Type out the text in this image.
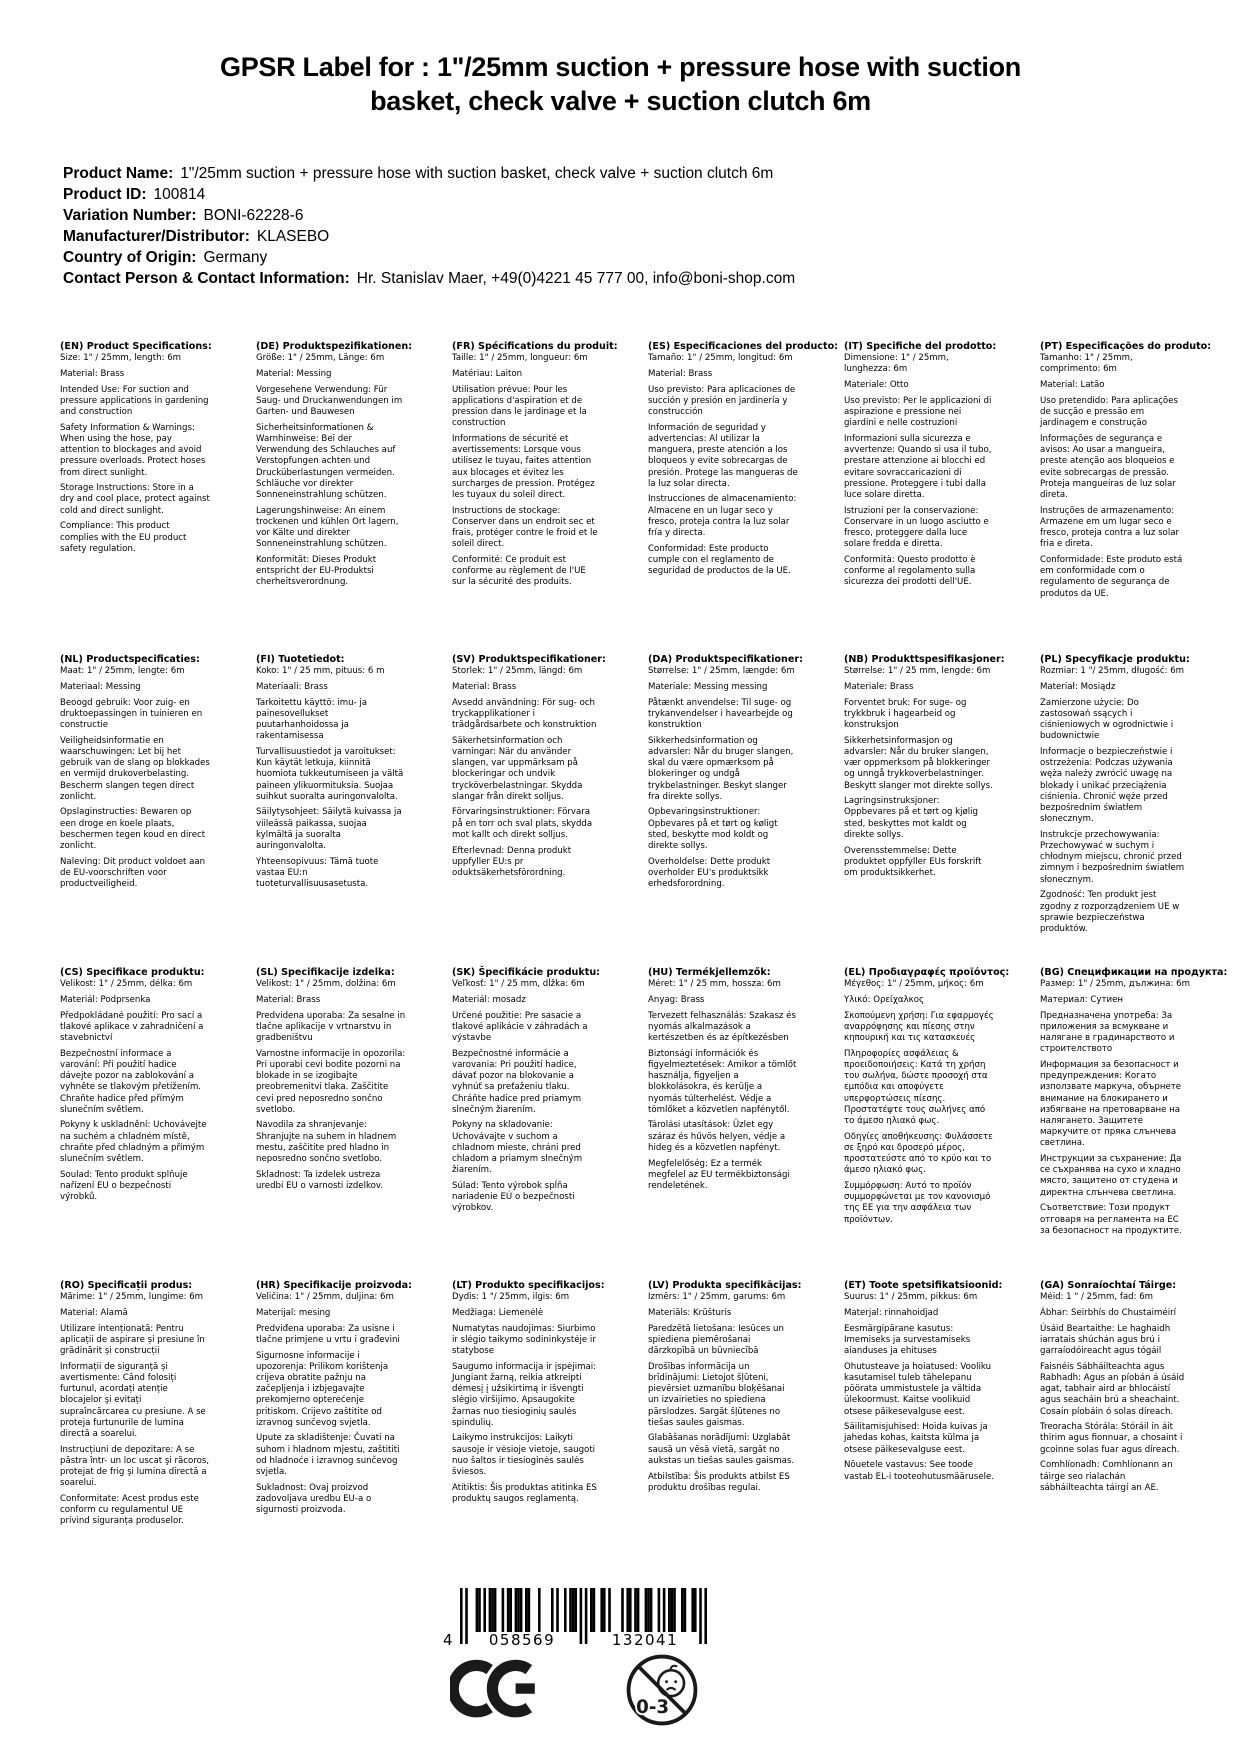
GPSR Label for : 1"/25mm suction + pressure hose with suction
basket, check valve + suction clutch 6m
Product Name: 1"/25mm suction + pressure hose with suction basket, check valve + suction clutch 6m
Product ID: 100814
Variation Number: BONI-62228-6
Manufacturer/Distributor: KLASEBO
Country of Origin: Germany
Contact Person & Contact Information: Hr. Stanislav Maer, +49(0)4221 45 777 00, info@boni-shop.com
(EN) Product Specifications:

Size: 1" / 25mm, length: 6m

Material: Brass

Intended Use: For suction and pressure applications in gardening and construction

Safety Information & Warnings: When using the hose, pay attention to blockages and avoid pressure overloads. Protect hoses from direct sunlight.

Storage Instructions: Store in a dry and cool place, protect against cold and direct sunlight.

Compliance: This product complies with the EU product safety regulation.

(DE) Produktspezifikationen:

Größe: 1" / 25mm, Länge: 6m

Material: Messing

Vorgesehene Verwendung: Für Saug- und Druckanwendungen im Garten- und Bauwesen

Sicherheitsinformationen & Warnhinweise: Bei der Verwendung des Schlauches auf Verstopfungen achten und Drucküberlastungen vermeiden. Schläuche vor direkter Sonneneinstrahlung schützen.

Lagerungshinweise: An einem trockenen und kühlen Ort lagern, vor Kälte und direkter Sonneneinstrahlung schützen.

Konformität: Dieses Produkt entspricht der EU-Produktsi cherheitsverordnung.

(FR) Spécifications du produit:

Taille: 1" / 25mm, longueur: 6m

Matériau: Laiton

Utilisation prévue: Pour les applications d'aspiration et de pression dans le jardinage et la construction

Informations de sécurité et avertissements: Lorsque vous utilisez le tuyau, faites attention aux blocages et évitez les surcharges de pression. Protégez les tuyaux du soleil direct.

Instructions de stockage: Conserver dans un endroit sec et frais, protéger contre le froid et le soleil direct.

Conformité: Ce produit est conforme au règlement de l'UE sur la sécurité des produits.

(ES) Especificaciones del producto:

Tamaño: 1" / 25mm, longitud: 6m

Material: Brass

Uso previsto: Para aplicaciones de succión y presión en jardinería y construcción

Información de seguridad y advertencias: Al utilizar la manguera, preste atención a los bloqueos y evite sobrecargas de presión. Protege las mangueras de la luz solar directa.

Instrucciones de almacenamiento: Almacene en un lugar seco y fresco, proteja contra la luz solar fría y directa.

Conformidad: Este producto cumple con el reglamento de seguridad de productos de la UE.

(IT) Specifiche del prodotto:

Dimensione: 1" / 25mm, lunghezza: 6m

Materiale: Otto

Uso previsto: Per le applicazioni di aspirazione e pressione nei giardini e nelle costruzioni

Informazioni sulla sicurezza e avvertenze: Quando si usa il tubo, prestare attenzione ai blocchi ed evitare sovraccaricazioni di pressione. Proteggere i tubi dalla luce solare diretta.

Istruzioni per la conservazione: Conservare in un luogo asciutto e fresco, proteggere dalla luce solare fredda e diretta.

Conformità: Questo prodotto è conforme al regolamento sulla sicurezza dei prodotti dell'UE.

(PT) Especificações do produto:

Tamanho: 1" / 25mm, comprimento: 6m

Material: Latão

Uso pretendido: Para aplicações de sucção e pressão em jardinagem e construção

Informações de segurança e avisos: Ao usar a mangueira, preste atenção aos bloqueios e evite sobrecargas de pressão. Proteja mangueiras de luz solar direta.

Instruções de armazenamento: Armazene em um lugar seco e fresco, proteja contra a luz solar fria e direta.

Conformidade: Este produto está em conformidade com o regulamento de segurança de produtos da UE.

(NL) Productspecificaties:

Maat: 1" / 25mm, lengte: 6m

Materiaal: Messing

Beoogd gebruik: Voor zuig- en druktoepassingen in tuinieren en constructie

Veiligheidsinformatie en waarschuwingen: Let bij het gebruik van de slang op blokkades en vermijd drukoverbelasting. Bescherm slangen tegen direct zonlicht.

Opslaginstructies: Bewaren op een droge en koele plaats, beschermen tegen koud en direct zonlicht.

Naleving: Dit product voldoet aan de EU-voorschriften voor productveiligheid.

(FI) Tuotetiedot:

Koko: 1" / 25 mm, pituus: 6 m

Materiaali: Brass

Tarkoitettu käyttö: imu- ja painesovellukset puutarhanhoidossa ja rakentamisessa

Turvallisuustiedot ja varoitukset: Kun käytät letkuja, kiinnitä huomiota tukkeutumiseen ja vältä paineen ylikuormituksia. Suojaa suihkut suoralta auringonvalolta.

Säilytysohjeet: Säilytä kuivassa ja viileässä paikassa, suojaa kylmältä ja suoralta auringonvalolta.

Yhteensopivuus: Tämä tuote vastaa EU:n tuoteturvallisuusasetusta.

(SV) Produktspecifikationer:

Storlek: 1" / 25mm, längd: 6m

Material: Brass

Avsedd användning: För sug- och tryckapplikationer i trädgårdsarbete och konstruktion

Säkerhetsinformation och varningar: När du använder slangen, var uppmärksam på blockeringar och undvik trycköverbelastningar. Skydda slangar från direkt solljus.

Förvaringsinstruktioner: Förvara på en torr och sval plats, skydda mot kallt och direkt solljus.

Efterlevnad: Denna produkt uppfyller EU:s pr oduktsäkerhetsförordning.

(DA) Produktspecifikationer:

Størrelse: 1" / 25mm, længde: 6m

Materiale: Messing messing

Påtænkt anvendelse: Til suge- og trykanvendelser i havearbejde og konstruktion

Sikkerhedsinformation og advarsler: Når du bruger slangen, skal du være opmærksom på blokeringer og undgå trykbelastninger. Beskyt slanger fra direkte sollys.

Opbevaringsinstruktioner: Opbevares på et tørt og køligt sted, beskytte mod koldt og direkte sollys.

Overholdelse: Dette produkt overholder EU's produktsikk erhedsforordning.

(NB) Produkttspesifikasjoner:

Størrelse: 1" / 25 mm, lengde: 6m

Materiale: Brass

Forventet bruk: For suge- og trykkbruk i hagearbeid og konstruksjon

Sikkerhetsinformasjon og advarsler: Når du bruker slangen, vær oppmerksom på blokkeringer og unngå trykkoverbelastninger. Beskytt slanger mot direkte sollys.

Lagringsinstruksjoner: Oppbevares på et tørt og kjølig sted, beskyttes mot kaldt og direkte sollys.

Overensstemmelse: Dette produktet oppfyller EUs forskrift om produktsikkerhet.

(PL) Specyfikacje produktu:

Rozmiar: 1 "/ 25mm, długość: 6m

Materiał: Mosiądz

Zamierzone użycie: Do zastosowań ssących i ciśnieniowych w ogrodnictwie i budownictwie

Informacje o bezpieczeństwie i ostrzeżenia: Podczas używania węża należy zwrócić uwagę na blokady i unikać przeciążenia ciśnienia. Chronić węże przed bezpośrednim światłem słonecznym.

Instrukcje przechowywania: Przechowywać w suchym i chłodnym miejscu, chronić przed zimnym i bezpośrednim światłem słonecznym.

Zgodność: Ten produkt jest zgodny z rozporządzeniem UE w sprawie bezpieczeństwa produktów.

(CS) Specifikace produktu:

Velikost: 1" / 25mm, délka: 6m

Materiál: Podprsenka

Předpokládané použití: Pro sací a tlakové aplikace v zahradničení a stavebnictví

Bezpečnostní informace a varování: Při použití hadice dávejte pozor na zablokování a vyhněte se tlakovým přetížením. Chraňte hadice před přímým slunečním světlem.

Pokyny k uskladnění: Uchovávejte na suchém a chladném místě, chraňte před chladným a přímým slunečním světlem.

Soulad: Tento produkt splňuje nařízení EU o bezpečnosti výrobků.

(SL) Specifikacije izdelka:

Velikost: 1" / 25mm, dolžina: 6m

Material: Brass

Predvidena uporaba: Za sesalne in tlačne aplikacije v vrtnarstvu in gradbeništvu

Varnostne informacije in opozorila: Pri uporabi cevi bodite pozorni na blokade in se izogibajte preobremenitvi tlaka. Zaščitite cevi pred neposredno sončno svetlobo.

Navodila za shranjevanje: Shranjujte na suhem in hladnem mestu, zaščitite pred hladno in neposredno sončno svetlobo.

Skladnost: Ta izdelek ustreza uredbi EU o varnosti izdelkov.

(SK) Špecifikácie produktu:

Veľkosť: 1" / 25 mm, dĺžka: 6m

Materiál: mosadz

Určené použitie: Pre sasacie a tlakové aplikácie v záhradách a výstavbe

Bezpečnostné informácie a varovania: Pri použití hadice, dávať pozor na blokovanie a vyhnúť sa preťaženiu tlaku. Chráňte hadice pred priamym slnečným žiarením.

Pokyny na skladovanie: Uchovávajte v suchom a chladnom mieste, chráni pred chladom a priamym slnečným žiarením.

Súlad: Tento výrobok spĺňa nariadenie EÚ o bezpečnosti výrobkov.

(HU) Termékjellemzők:

Méret: 1" / 25 mm, hossza: 6m

Anyag: Brass

Tervezett felhasználás: Szakasz és nyomás alkalmazások a kertészetben és az építkezésben

Biztonsági információk és figyelmeztetések: Amikor a tömlőt használja, figyeljen a blokkolásokra, és kerülje a nyomás túlterhelést. Védje a tömlőket a közvetlen napfénytől.

Tárolási utasítások: Üzlet egy száraz és hűvös helyen, védje a hideg és a közvetlen napfényt.

Megfelelőség: Ez a termék megfelel az EU termékbiztonsági rendeletének.

(EL) Προδιαγραφές προϊόντος:

Μέγεθος: 1" / 25mm, μήκος: 6m

Υλικό: Ορείχαλκος

Σκοπούμενη χρήση: Για εφαρμογές αναρρόφησης και πίεσης στην κηπουρική και τις κατασκευές

Πληροφορίες ασφάλειας & προειδοποιήσεις: Κατά τη χρήση του σωλήνα, δώστε προσοχή στα εμπόδια και αποφύγετε υπερφορτώσεις πίεσης. Προστατέψτε τους σωλήνες από το άμεσο ηλιακό φως.

Οδηγίες αποθήκευσης: Φυλάσσετε σε ξηρό και δροσερό μέρος, προστατεύστε από το κρύο και το άμεσο ηλιακό φως.

Συμμόρφωση: Αυτό το προϊόν συμμορφώνεται με τον κανονισμό της ΕΕ για την ασφάλεια των προϊόντων.

(BG) Спецификации на продукта:

Размер: 1" / 25mm, дължина: 6m

Материал: Сутиен

Предназначена употреба: За приложения за всмукване и налягане в градинарството и строителството

Информация за безопасност и предупреждения: Когато използвате маркуча, обърнете внимание на блокирането и избягване на претоварване на налягането. Защитете маркучите от пряка слънчева светлина.

Инструкции за съхранение: Да се съхранява на сухо и хладно място, защитено от студена и директна слънчева светлина.

Съответствие: Този продукт отговаря на регламента на ЕС за безопасност на продуктите.

(RO) Specificații produs:

Mărime: 1" / 25mm, lungime: 6m

Material: Alamă

Utilizare intenționată: Pentru aplicații de aspirare și presiune în grădinărit și construcții

Informații de siguranță și avertismente: Când folosiți furtunul, acordați atenție blocajelor şi evitați supraîncărcarea cu presiune. A se proteja furtunurile de lumina directă a soarelui.

Instrucțiuni de depozitare: A se păstra într- un loc uscat şi răcoros, protejat de frig şi lumina directă a soarelui.

Conformitate: Acest produs este conform cu regulamentul UE privind siguranța produselor.

(HR) Specifikacije proizvoda:

Veličina: 1" / 25mm, duljina: 6m

Materijal: mesing

Predviđena uporaba: Za usisne i tlačne primjene u vrtu i građevini

Sigurnosne informacije i upozorenja: Prilikom korištenja crijeva obratite pažnju na začepljenja i izbjegavajte prekomjerno opterećenje pritiskom. Crijevo zaštitite od izravnog sunčevog svjetla.

Upute za skladištenje: Čuvati na suhom i hladnom mjestu, zaštititi od hladnoće i izravnog sunčevog svjetla.

Sukladnost: Ovaj proizvod zadovoljava uredbu EU-a o sigurnosti proizvoda.

(LT) Produkto specifikacijos:

Dydis: 1 "/ 25mm, ilgis: 6m

Medžiaga: Liemenėlė

Numatytas naudojimas: Siurbimo ir slėgio taikymo sodininkystėje ir statybose

Saugumo informacija ir įspėjimai: Jungiant žarną, reikia atkreipti dėmesį į užsikirtimą ir išvengti slėgio viršijimo. Apsaugokite žarnas nuo tiesioginių saulės spindulių.

Laikymo instrukcijos: Laikyti sausoje ir vėsioje vietoje, saugoti nuo šaltos ir tiesioginės saulės šviesos.

Atitiktis: Šis produktas atitinka ES produktų saugos reglamentą.

(LV) Produkta specifikācijas:

Izmērs: 1" / 25mm, garums: 6m

Materiāls: Krūšturis

Paredzētā lietošana: Iesūces un spiediena piemērošanai dārzkopībā un būvniecībā

Drošības informācija un brīdinājumi: Lietojot šļūteni, pievērsiet uzmanību bloķēšanai un izvairieties no spiediena pārslodzes. Sargāt šļūtenes no tiešas saules gaismas.

Glabāšanas norādījumi: Uzglabāt sausā un vēsā vietā, sargāt no aukstas un tiešas saules gaismas.

Atbilstība: Šis produkts atbilst ES produktu drošības regulai.

(ET) Toote spetsifikatsioonid:

Suurus: 1" / 25mm, pikkus: 6m

Materjal: rinnahoidjad

Eesmärgipärane kasutus: Imemiseks ja survestamiseks aianduses ja ehituses

Ohutusteave ja hoiatused: Vooliku kasutamisel tuleb tähelepanu pöörata ummistustele ja vältida ülekoormust. Kaitse voolikuid otsese päikesevalguse eest.

Säilitamisjuhised: Hoida kuivas ja jahedas kohas, kaitsta külma ja otsese päikesevalguse eest.

Nõuetele vastavus: See toode vastab EL-i tooteohutusmäärusele.

(GA) Sonraíochtaí Táirge:

Méid: 1 " / 25mm, fad: 6m

Ábhar: Seirbhís do Chustaiméirí

Úsáid Beartaithe: Le haghaidh iarratais shúchán agus brú i garraíodóireacht agus tógáil

Faisnéis Sábháilteachta agus Rabhadh: Agus an píobán á úsáid agat, tabhair aird ar bhlocáistí agus seacháin brú a sheachaint. Cosain píobáin ó solas díreach.

Treoracha Stórála: Stóráil in áit thirim agus fionnuar, a chosaint i gcoinne solas fuar agus díreach.

Comhlíonadh: Comhlíonann an táirge seo rialachán sábháilteachta táirgí an AE.

4 058569	132041
0-3
